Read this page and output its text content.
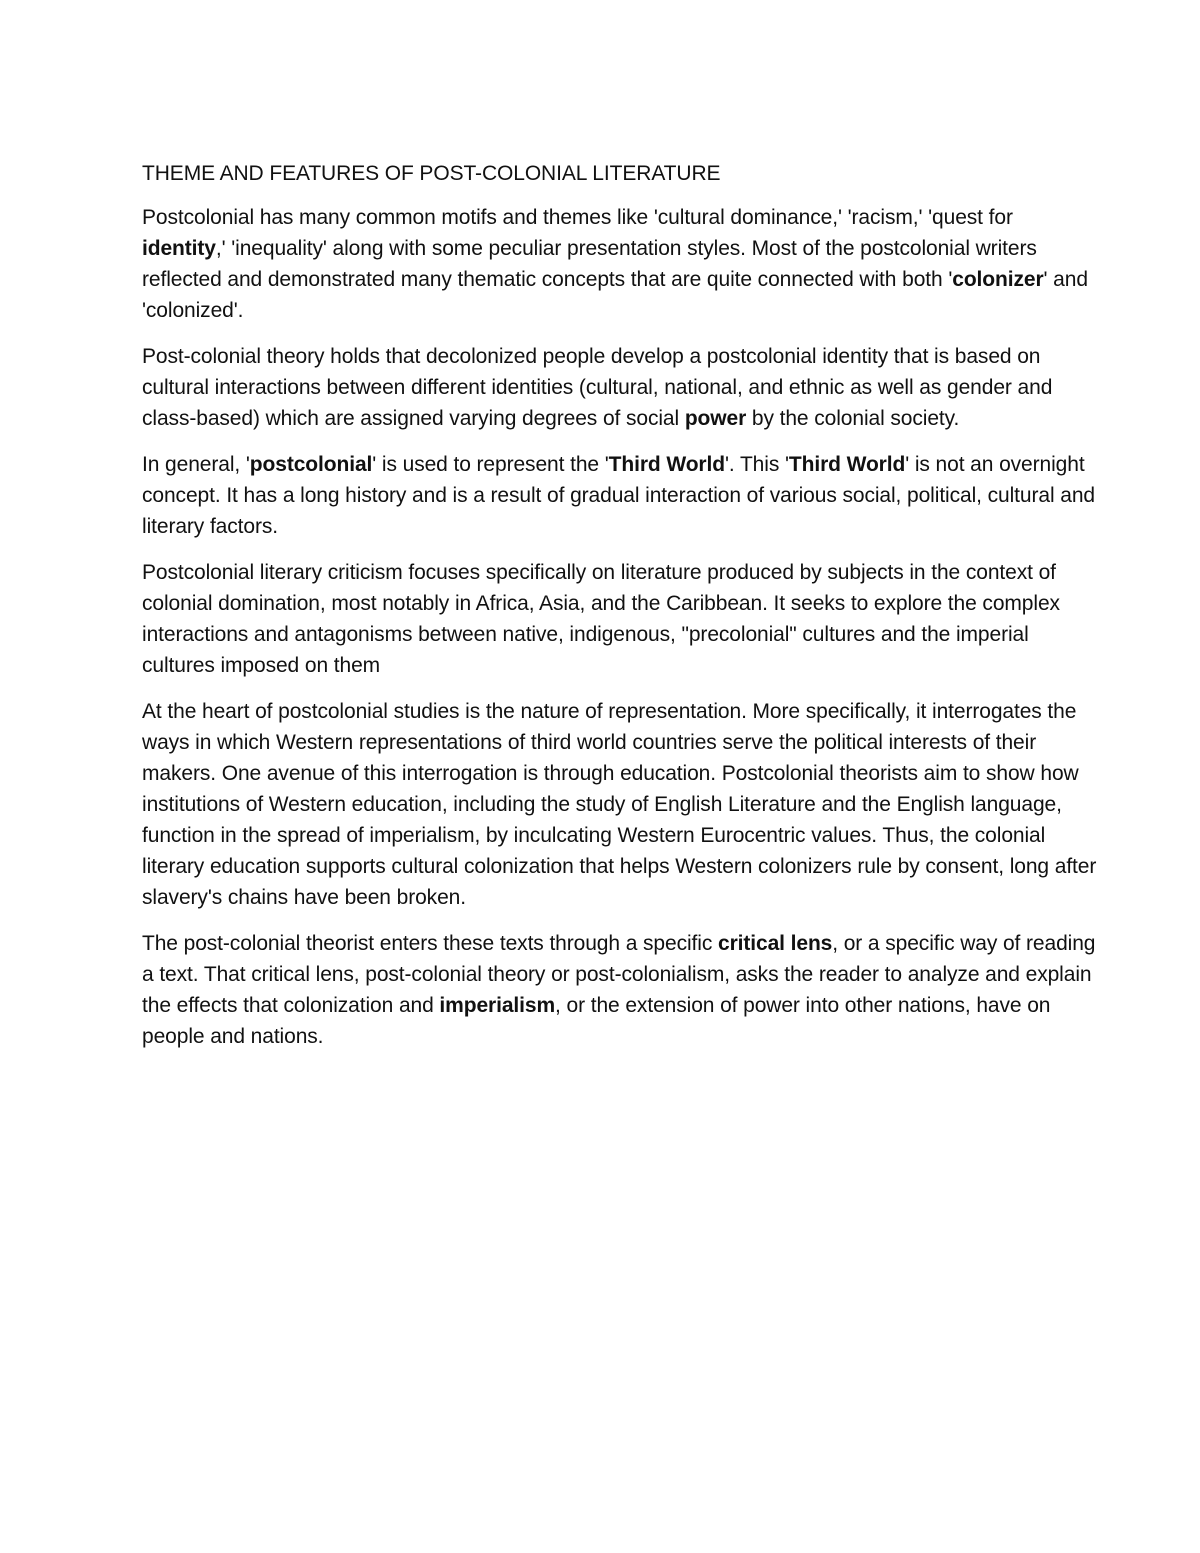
THEME AND FEATURES OF POST-COLONIAL LITERATURE

Postcolonial has many common motifs and themes like 'cultural dominance,' 'racism,' 'quest for identity,' 'inequality' along with some peculiar presentation styles. Most of the postcolonial writers reflected and demonstrated many thematic concepts that are quite connected with both 'colonizer' and 'colonized'.

Post-colonial theory holds that decolonized people develop a postcolonial identity that is based on cultural interactions between different identities (cultural, national, and ethnic as well as gender and class-based) which are assigned varying degrees of social power by the colonial society.

In general, 'postcolonial' is used to represent the 'Third World'. This 'Third World' is not an overnight concept. It has a long history and is a result of gradual interaction of various social, political, cultural and literary factors.

Postcolonial literary criticism focuses specifically on literature produced by subjects in the context of colonial domination, most notably in Africa, Asia, and the Caribbean. It seeks to explore the complex interactions and antagonisms between native, indigenous, "precolonial" cultures and the imperial cultures imposed on them

At the heart of postcolonial studies is the nature of representation. More specifically, it interrogates the ways in which Western representations of third world countries serve the political interests of their makers. One avenue of this interrogation is through education. Postcolonial theorists aim to show how institutions of Western education, including the study of English Literature and the English language, function in the spread of imperialism, by inculcating Western Eurocentric values. Thus, the colonial literary education supports cultural colonization that helps Western colonizers rule by consent, long after slavery's chains have been broken.

The post-colonial theorist enters these texts through a specific critical lens, or a specific way of reading a text. That critical lens, post-colonial theory or post-colonialism, asks the reader to analyze and explain the effects that colonization and imperialism, or the extension of power into other nations, have on people and nations.
